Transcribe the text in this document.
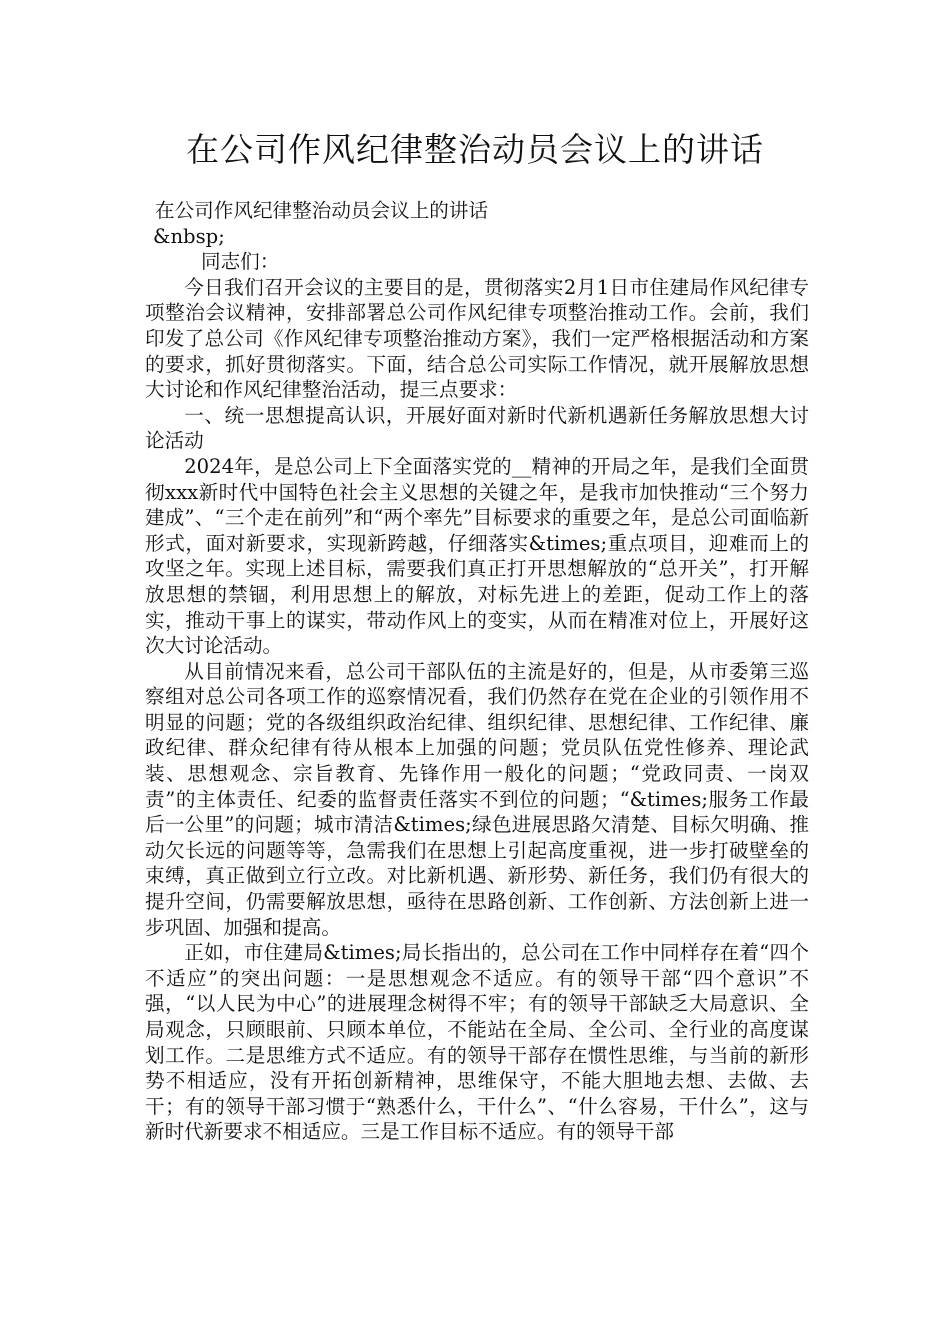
在公司作风纪律整治动员会议上的讲话
在公司作风纪律整治动员会议上的讲话
&nbsp;
同志们：

今日我们召开会议的主要目的是，贯彻落实2月1日市住建局作风纪律专项整治会议精神，安排部署总公司作风纪律专项整治推动工作。会前，我们印发了总公司《作风纪律专项整治推动方案》，我们一定严格根据活动和方案的要求，抓好贯彻落实。下面，结合总公司实际工作情况，就开展解放思想大讨论和作风纪律整治活动，提三点要求：

一、统一思想提高认识，开展好面对新时代新机遇新任务解放思想大讨论活动

2024年，是总公司上下全面落实党的__精神的开局之年，是我们全面贯彻xxx新时代中国特色社会主义思想的关键之年，是我市加快推动“三个努力建成”、“三个走在前列”和“两个率先”目标要求的重要之年，是总公司面临新形式，面对新要求，实现新跨越，仔细落实&times;重点项目，迎难而上的攻坚之年。实现上述目标，需要我们真正打开思想解放的“总开关”，打开解放思想的禁锢，利用思想上的解放，对标先进上的差距，促动工作上的落实，推动干事上的谋实，带动作风上的变实，从而在精准对位上，开展好这次大讨论活动。

从目前情况来看，总公司干部队伍的主流是好的，但是，从市委第三巡察组对总公司各项工作的巡察情况看，我们仍然存在党在企业的引领作用不明显的问题；党的各级组织政治纪律、组织纪律、思想纪律、工作纪律、廉政纪律、群众纪律有待从根本上加强的问题；党员队伍党性修养、理论武装、思想观念、宗旨教育、先锋作用一般化的问题；“党政同责、一岗双责”的主体责任、纪委的监督责任落实不到位的问题；“&times;服务工作最后一公里”的问题；城市清洁&times;绿色进展思路欠清楚、目标欠明确、推动欠长远的问题等等，急需我们在思想上引起高度重视，进一步打破壁垒的束缚，真正做到立行立改。对比新机遇、新形势、新任务，我们仍有很大的提升空间，仍需要解放思想，亟待在思路创新、工作创新、方法创新上进一步巩固、加强和提高。

正如，市住建局&times;局长指出的，总公司在工作中同样存在着“四个不适应”的突出问题：一是思想观念不适应。有的领导干部“四个意识”不强，“以人民为中心”的进展理念树得不牢；有的领导干部缺乏大局意识、全局观念，只顾眼前、只顾本单位，不能站在全局、全公司、全行业的高度谋划工作。二是思维方式不适应。有的领导干部存在惯性思维，与当前的新形势不相适应，没有开拓创新精神，思维保守，不能大胆地去想、去做、去干；有的领导干部习惯于“熟悉什么，干什么”、“什么容易，干什么”，这与新时代新要求不相适应。三是工作目标不适应。有的领导干部
